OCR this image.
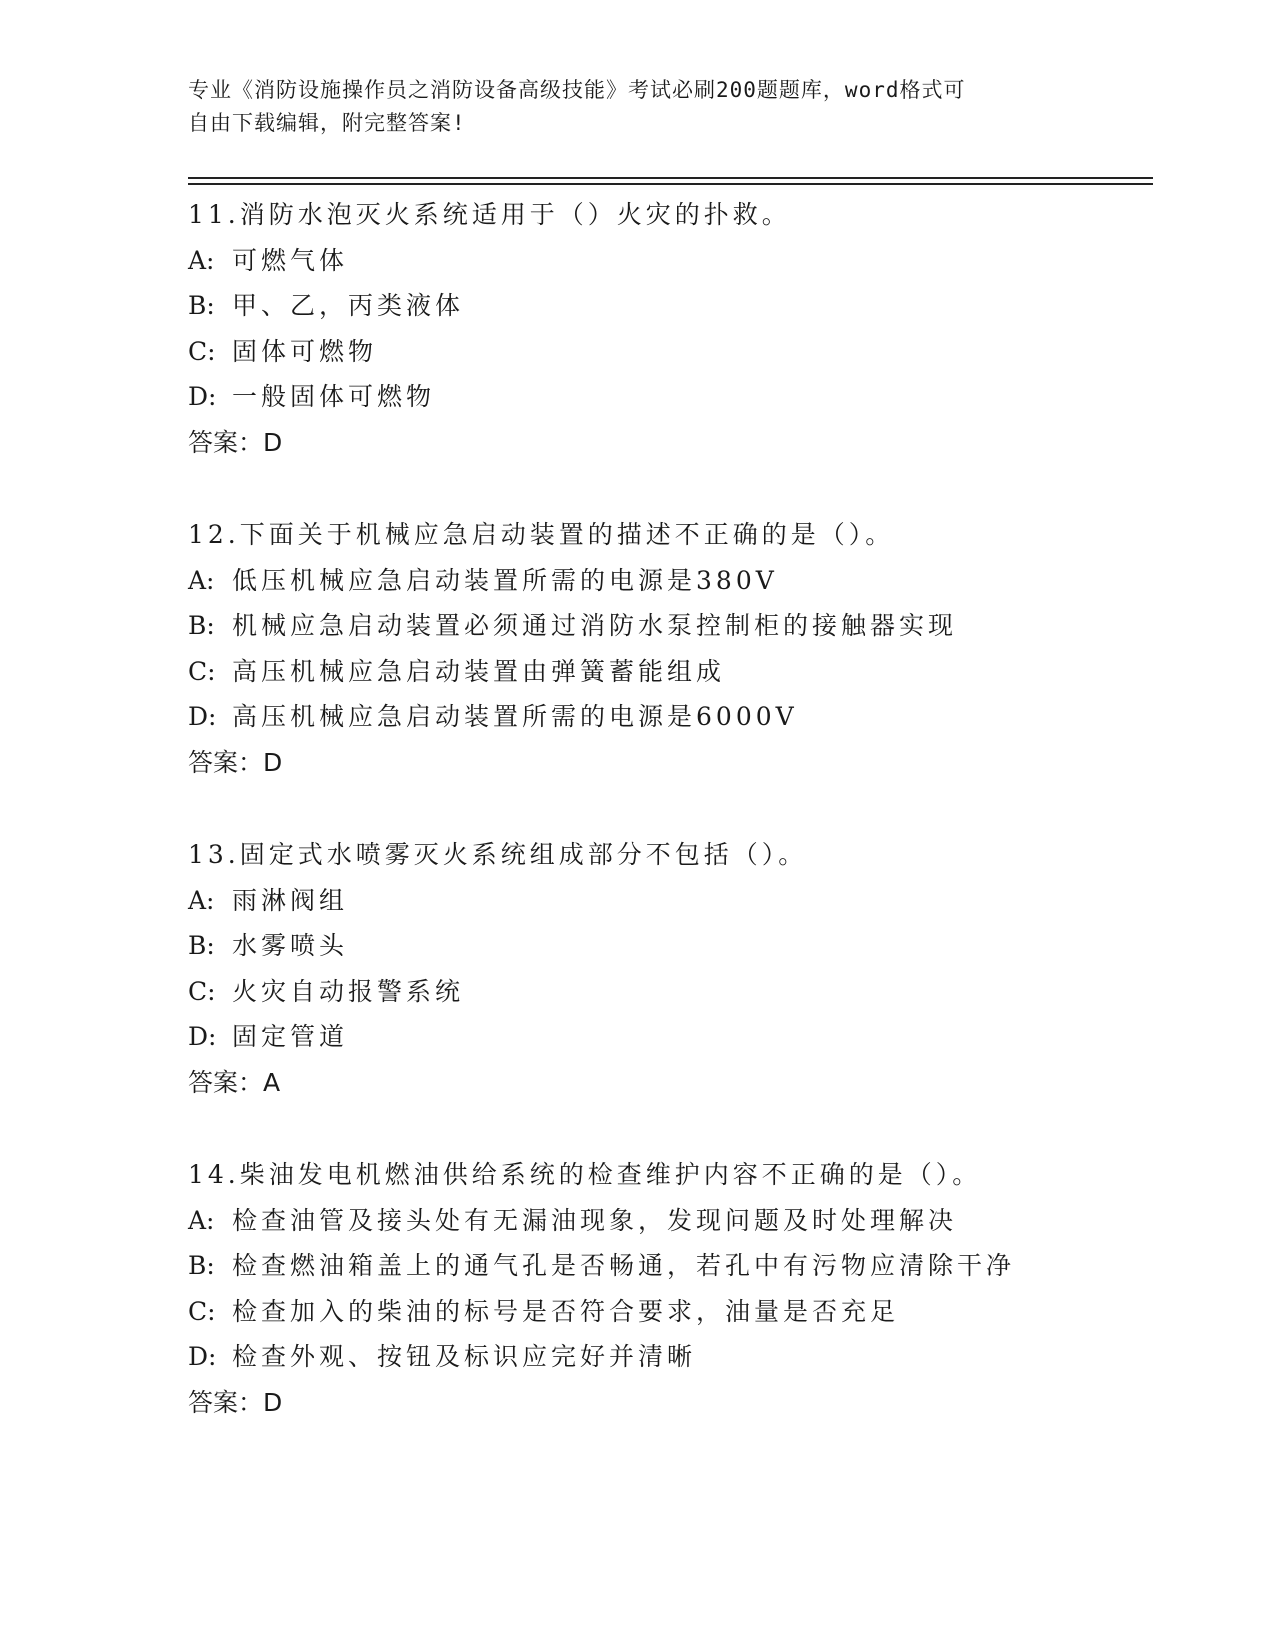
专业《消防设施操作员之消防设备高级技能》考试必刷200题题库，word格式可
自由下载编辑，附完整答案!
11.消防水泡灭火系统适用于（）火灾的扑救。
A: 可燃气体
B: 甲、乙，丙类液体
C: 固体可燃物
D: 一般固体可燃物
答案：D
12.下面关于机械应急启动装置的描述不正确的是（）。
A: 低压机械应急启动装置所需的电源是380V
B: 机械应急启动装置必须通过消防水泵控制柜的接触器实现
C: 高压机械应急启动装置由弹簧蓄能组成
D: 高压机械应急启动装置所需的电源是6000V
答案：D
13.固定式水喷雾灭火系统组成部分不包括（）。
A: 雨淋阀组
B: 水雾喷头
C: 火灾自动报警系统
D: 固定管道
答案：A
14.柴油发电机燃油供给系统的检查维护内容不正确的是（）。
A: 检查油管及接头处有无漏油现象，发现问题及时处理解决
B: 检查燃油箱盖上的通气孔是否畅通，若孔中有污物应清除干净
C: 检查加入的柴油的标号是否符合要求，油量是否充足
D: 检查外观、按钮及标识应完好并清晰
答案：D
